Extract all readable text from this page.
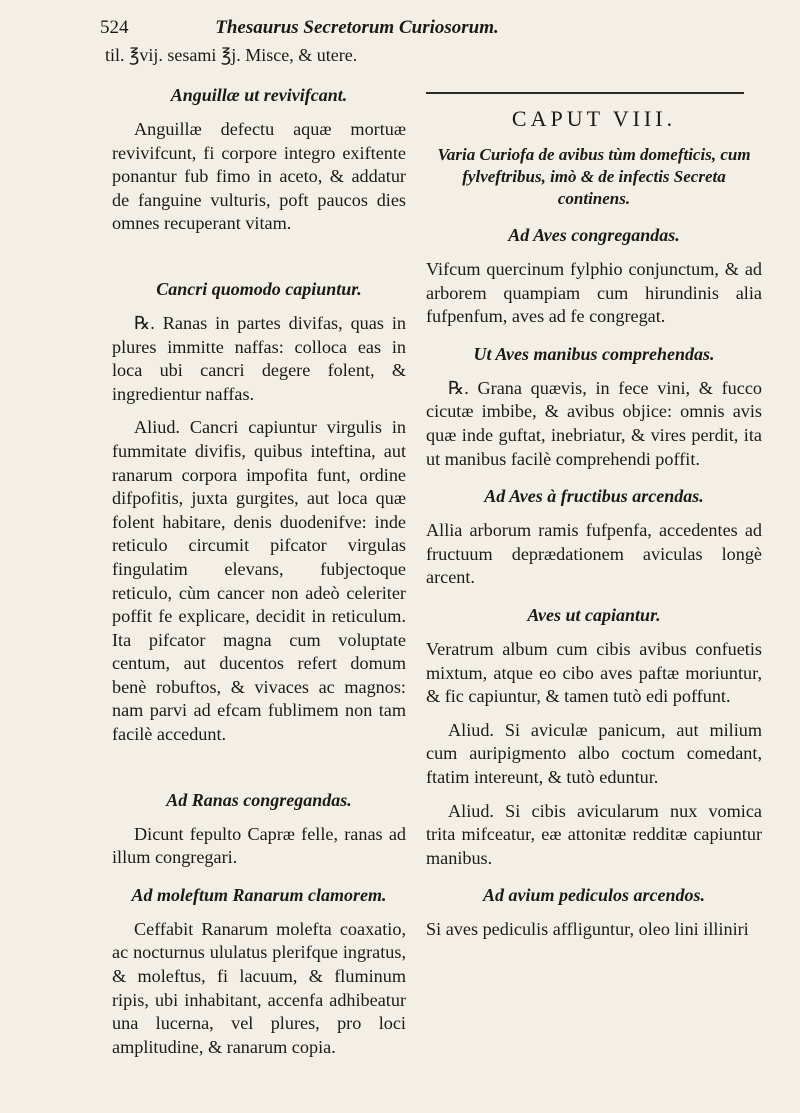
524	Thesaurus Secretorum Curiosorum.
til. ℥vij. sesami ℥j. Misce, & utere.
Anguillæ ut revivifcant.

Anguillæ defectu aquæ mortuæ revivifcunt, fi corpore integro exiftente ponantur fub fimo in aceto, & addatur de fanguine vulturis, poft paucos dies omnes recuperant vitam.

Cancri quomodo capiuntur.

℞. Ranas in partes divifas, quas in plures immitte naffas: colloca eas in loca ubi cancri degere folent, & ingredientur naffas.

Aliud. Cancri capiuntur virgulis in fummitate divifis, quibus inteftina, aut ranarum corpora impofita funt, ordine difpofitis, juxta gurgites, aut loca quæ folent habitare, denis duodenifve: inde reticulo circumit pifcator virgulas fingulatim elevans, fubjectoque reticulo, cùm cancer non adeò celeriter poffit fe explicare, decidit in reticulum. Ita pifcator magna cum voluptate centum, aut ducentos refert domum benè robuftos, & vivaces ac magnos: nam parvi ad efcam fublimem non tam facilè accedunt.

Ad Ranas congregandas.

Dicunt fepulto Capræ felle, ranas ad illum congregari.

Ad moleftum Ranarum clamorem.

Ceffabit Ranarum molefta coaxatio, ac nocturnus ululatus plerifque ingratus, & moleftus, fi lacuum, & fluminum ripis, ubi inhabitant, accenfa adhibeatur una lucerna, vel plures, pro loci amplitudine, & ranarum copia.

CAPUT VIII.
Varia Curiofa de avibus tùm domefticis, cum fylveftribus, imò & de infectis Secreta continens.
Ad Aves congregandas.

Vifcum quercinum fylphio conjunctum, & ad arborem quampiam cum hirundinis alia fufpenfum, aves ad fe congregat.

Ut Aves manibus comprehendas.

℞. Grana quævis, in fece vini, & fucco cicutæ imbibe, & avibus objice: omnis avis quæ inde guftat, inebriatur, & vires perdit, ita ut manibus facilè comprehendi poffit.

Ad Aves à fructibus arcendas.

Allia arborum ramis fufpenfa, accedentes ad fructuum deprædationem aviculas longè arcent.

Aves ut capiantur.

Veratrum album cum cibis avibus confuetis mixtum, atque eo cibo aves paftæ moriuntur, & fic capiuntur, & tamen tutò edi poffunt.

Aliud. Si aviculæ panicum, aut milium cum auripigmento albo coctum comedant, ftatim intereunt, & tutò eduntur.

Aliud. Si cibis avicularum nux vomica trita mifceatur, eæ attonitæ redditæ capiuntur manibus.

Ad avium pediculos arcendos.

Si aves pediculis affliguntur, oleo lini illiniri
